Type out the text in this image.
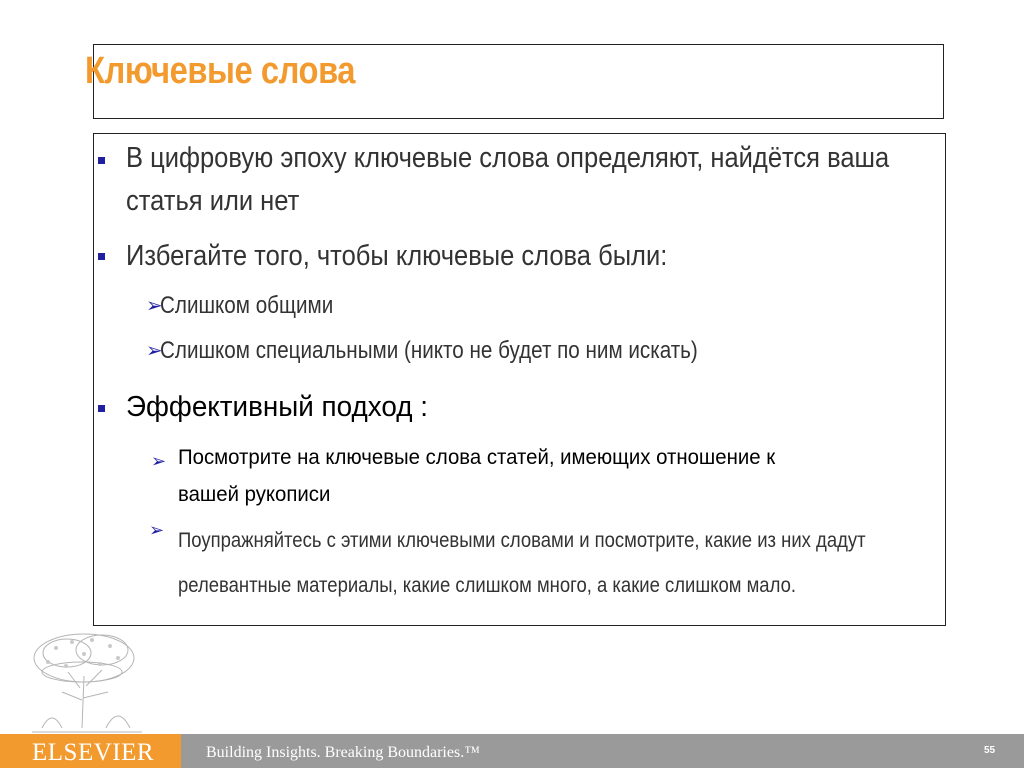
Ключевые слова
В цифровую эпоху ключевые слова определяют, найдётся ваша
статья или нет
Избегайте того, чтобы ключевые слова были:
➢
Слишком общими
➢
Слишком специальными (никто не будет по ним искать)
Эффективный подход :
➢ Посмотрите на ключевые слова статей, имеющих отношение к
вашей рукописи
➢ Поупражняйтесь с этими ключевыми словами и посмотрите, какие из них дадут
релевантные материалы, какие слишком много, а какие слишком мало.
ELSEVIER	Building Insights. Breaking Boundaries.™	55
